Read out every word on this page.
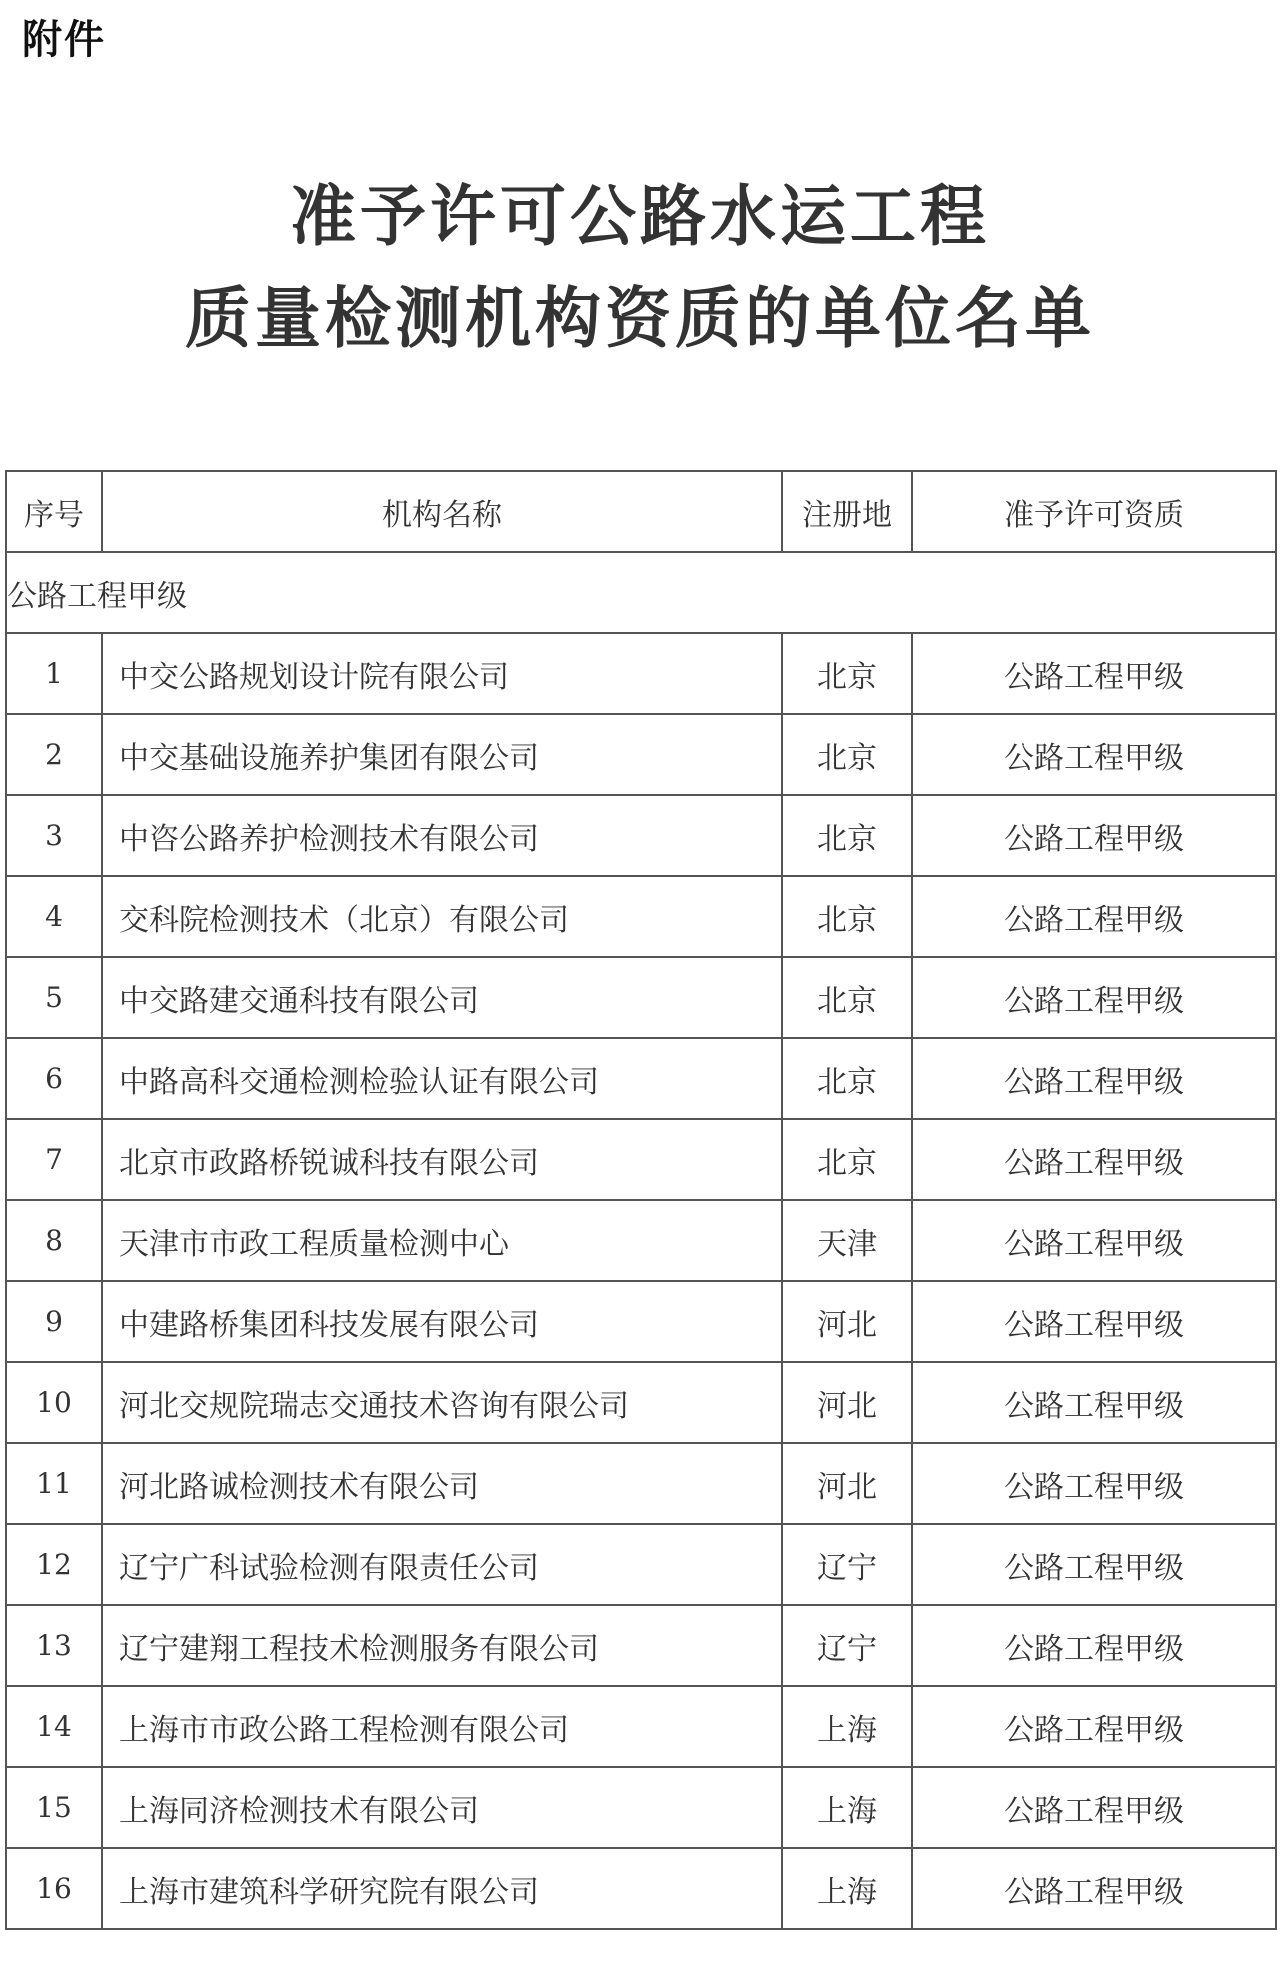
附件
准予许可公路水运工程
质量检测机构资质的单位名单
序号	机构名称	注册地	准予许可资质
公路工程甲级			
1	中交公路规划设计院有限公司	北京	公路工程甲级
2	中交基础设施养护集团有限公司	北京	公路工程甲级
3	中咨公路养护检测技术有限公司	北京	公路工程甲级
4	交科院检测技术（北京）有限公司	北京	公路工程甲级
5	中交路建交通科技有限公司	北京	公路工程甲级
6	中路高科交通检测检验认证有限公司	北京	公路工程甲级
7	北京市政路桥锐诚科技有限公司	北京	公路工程甲级
8	天津市市政工程质量检测中心	天津	公路工程甲级
9	中建路桥集团科技发展有限公司	河北	公路工程甲级
10	河北交规院瑞志交通技术咨询有限公司	河北	公路工程甲级
11	河北路诚检测技术有限公司	河北	公路工程甲级
12	辽宁广科试验检测有限责任公司	辽宁	公路工程甲级
13	辽宁建翔工程技术检测服务有限公司	辽宁	公路工程甲级
14	上海市市政公路工程检测有限公司	上海	公路工程甲级
15	上海同济检测技术有限公司	上海	公路工程甲级
16	上海市建筑科学研究院有限公司	上海	公路工程甲级
